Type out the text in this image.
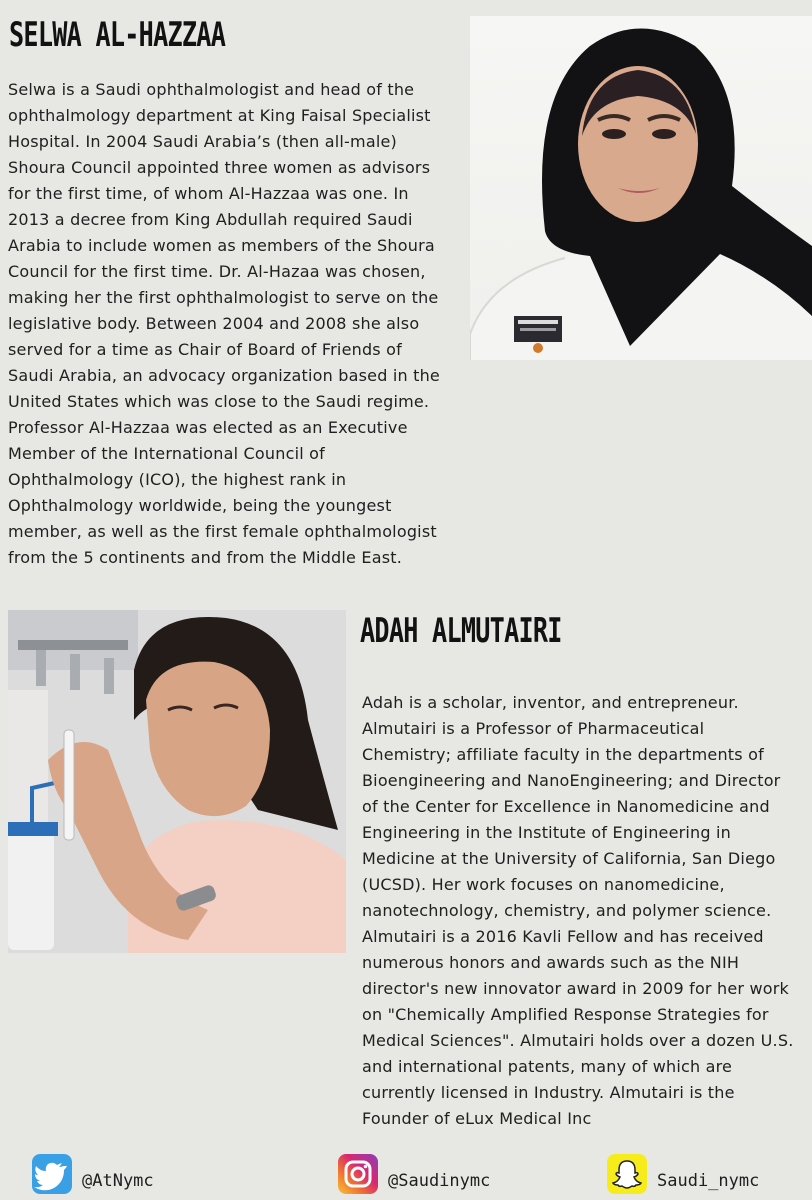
SELWA AL-HAZZAA

Selwa is a Saudi ophthalmologist and head of the
ophthalmology department at King Faisal Specialist
Hospital. In 2004 Saudi Arabia’s (then all-male)
Shoura Council appointed three women as advisors
for the first time, of whom Al-Hazzaa was one. In
2013 a decree from King Abdullah required Saudi
Arabia to include women as members of the Shoura
Council for the first time. Dr. Al-Hazaa was chosen,
making her the first ophthalmologist to serve on the
legislative body. Between 2004 and 2008 she also
served for a time as Chair of Board of Friends of
Saudi Arabia, an advocacy organization based in the
United States which was close to the Saudi regime.
Professor Al-Hazzaa was elected as an Executive
Member of the International Council of
Ophthalmology (ICO), the highest rank in
Ophthalmology worldwide, being the youngest
member, as well as the first female ophthalmologist
from the 5 continents and from the Middle East.

ADAH ALMUTAIRI

Adah is a scholar, inventor, and entrepreneur.
Almutairi is a Professor of Pharmaceutical
Chemistry; affiliate faculty in the departments of
Bioengineering and NanoEngineering; and Director
of the Center for Excellence in Nanomedicine and
Engineering in the Institute of Engineering in
Medicine at the University of California, San Diego
(UCSD). Her work focuses on nanomedicine,
nanotechnology, chemistry, and polymer science.
Almutairi is a 2016 Kavli Fellow and has received
numerous honors and awards such as the NIH
director's new innovator award in 2009 for her work
on "Chemically Amplified Response Strategies for
Medical Sciences". Almutairi holds over a dozen U.S.
and international patents, many of which are
currently licensed in Industry. Almutairi is the
Founder of eLux Medical Inc

@AtNymc	@Saudinymc	Saudi_nymc
